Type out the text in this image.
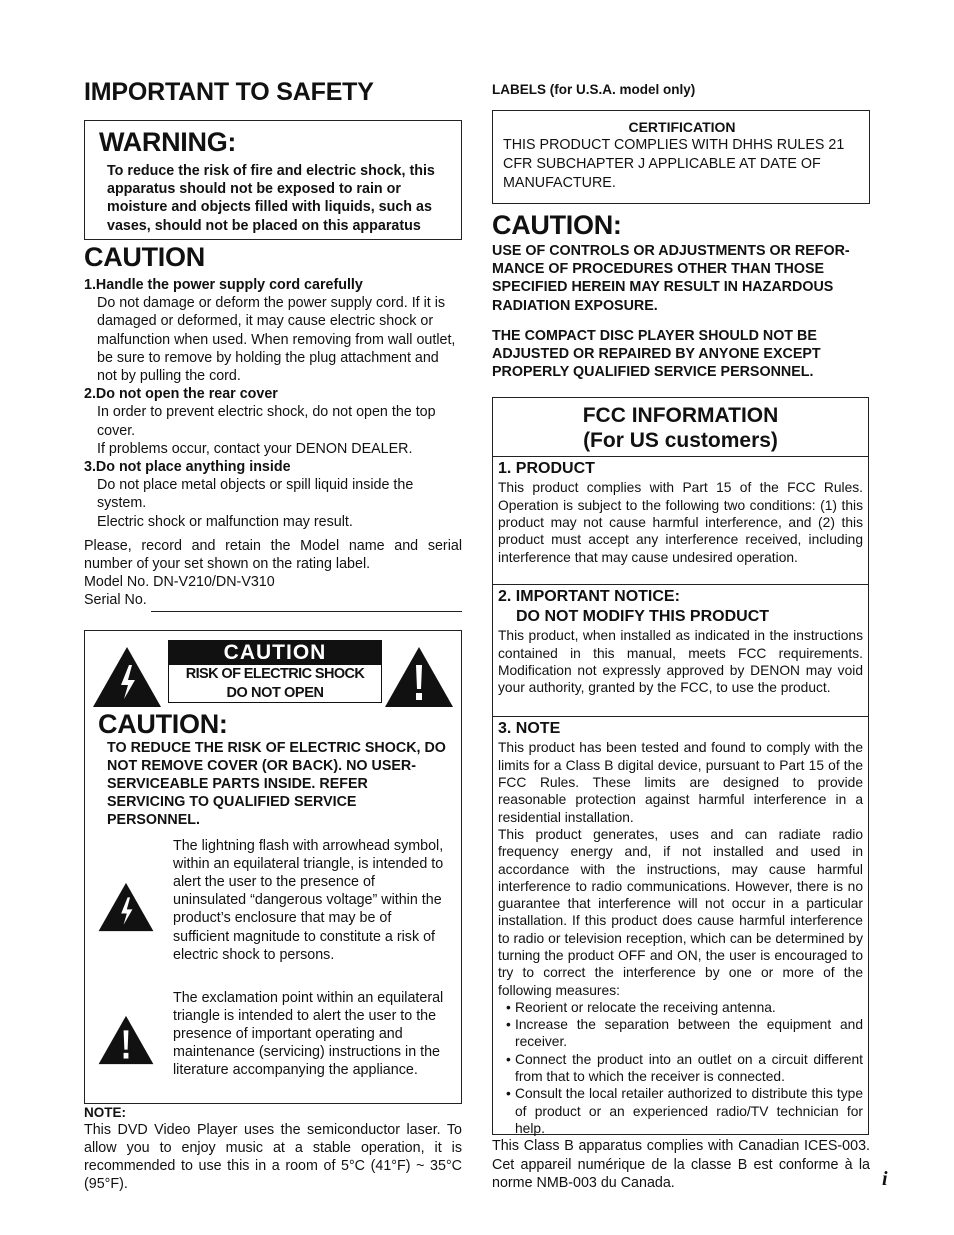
IMPORTANT TO SAFETY
WARNING:
To reduce the risk of fire and electric shock, this apparatus should not be exposed to rain or moisture and objects filled with liquids, such as vases, should not be placed on this apparatus
CAUTION
1.Handle the power supply cord carefully
Do not damage or deform the power supply cord. If it is damaged or deformed, it may cause electric shock or malfunction when used. When removing from wall outlet, be sure to remove by holding the plug attachment and not by pulling the cord.
2.Do not open the rear cover
In order to prevent electric shock, do not open the top cover.
If problems occur, contact your DENON DEALER.
3.Do not place anything inside
Do not place metal objects or spill liquid inside the system.
Electric shock or malfunction may result.
Please, record and retain the Model name and serial number of your set shown on the rating label.
Model No. DN-V210/DN-V310
Serial No.
CAUTION
RISK OF ELECTRIC SHOCK
DO NOT OPEN
CAUTION:
TO REDUCE THE RISK OF ELECTRIC SHOCK, DO NOT REMOVE COVER (OR BACK). NO USER-SERVICEABLE PARTS INSIDE. REFER SERVICING TO QUALIFIED SERVICE PERSONNEL.
The lightning flash with arrowhead symbol, within an equilateral triangle, is intended to alert the user to the presence of uninsulated “dangerous voltage” within the product’s enclosure that may be of sufficient magnitude to constitute a risk of electric shock to persons.
The exclamation point within an equilateral triangle is intended to alert the user to the presence of important operating and maintenance (servicing) instructions in the literature accompanying the appliance.
NOTE:
This DVD Video Player uses the semiconductor laser. To allow you to enjoy music at a stable operation, it is recommended to use this in a room of 5°C (41°F) ~ 35°C (95°F).
LABELS (for U.S.A. model only)
CERTIFICATION
THIS PRODUCT COMPLIES WITH DHHS RULES 21 CFR SUBCHAPTER J APPLICABLE AT DATE OF MANUFACTURE.
CAUTION:
USE OF CONTROLS OR ADJUSTMENTS OR REFOR-MANCE OF PROCEDURES OTHER THAN THOSE SPECIFIED HEREIN MAY RESULT IN HAZARDOUS RADIATION EXPOSURE.
THE COMPACT DISC PLAYER SHOULD NOT BE ADJUSTED OR REPAIRED BY ANYONE EXCEPT PROPERLY QUALIFIED SERVICE PERSONNEL.
FCC INFORMATION
(For US customers)
1. PRODUCT
This product complies with Part 15 of the FCC Rules. Operation is subject to the following two conditions: (1) this product may not cause harmful interference, and (2) this product must accept any interference received, including interference that may cause undesired operation.
2. IMPORTANT NOTICE:
DO NOT MODIFY THIS PRODUCT
This product, when installed as indicated in the instructions contained in this manual, meets FCC requirements. Modification not expressly approved by DENON may void your authority, granted by the FCC, to use the product.
3. NOTE
This product has been tested and found to comply with the limits for a Class B digital device, pursuant to Part 15 of the FCC Rules. These limits are designed to provide reasonable protection against harmful interference in a residential installation.
This product generates, uses and can radiate radio frequency energy and, if not installed and used in accordance with the instructions, may cause harmful interference to radio communications. However, there is no guarantee that interference will not occur in a particular installation. If this product does cause harmful interference to radio or television reception, which can be determined by turning the product OFF and ON, the user is encouraged to try to correct the interference by one or more of the following measures:
• Reorient or relocate the receiving antenna.
• Increase the separation between the equipment and receiver.
• Connect the product into an outlet on a circuit different from that to which the receiver is connected.
• Consult the local retailer authorized to distribute this type of product or an experienced radio/TV technician for help.
This Class B apparatus complies with Canadian ICES-003. Cet appareil numérique de la classe B est conforme à la norme NMB-003 du Canada.	i
